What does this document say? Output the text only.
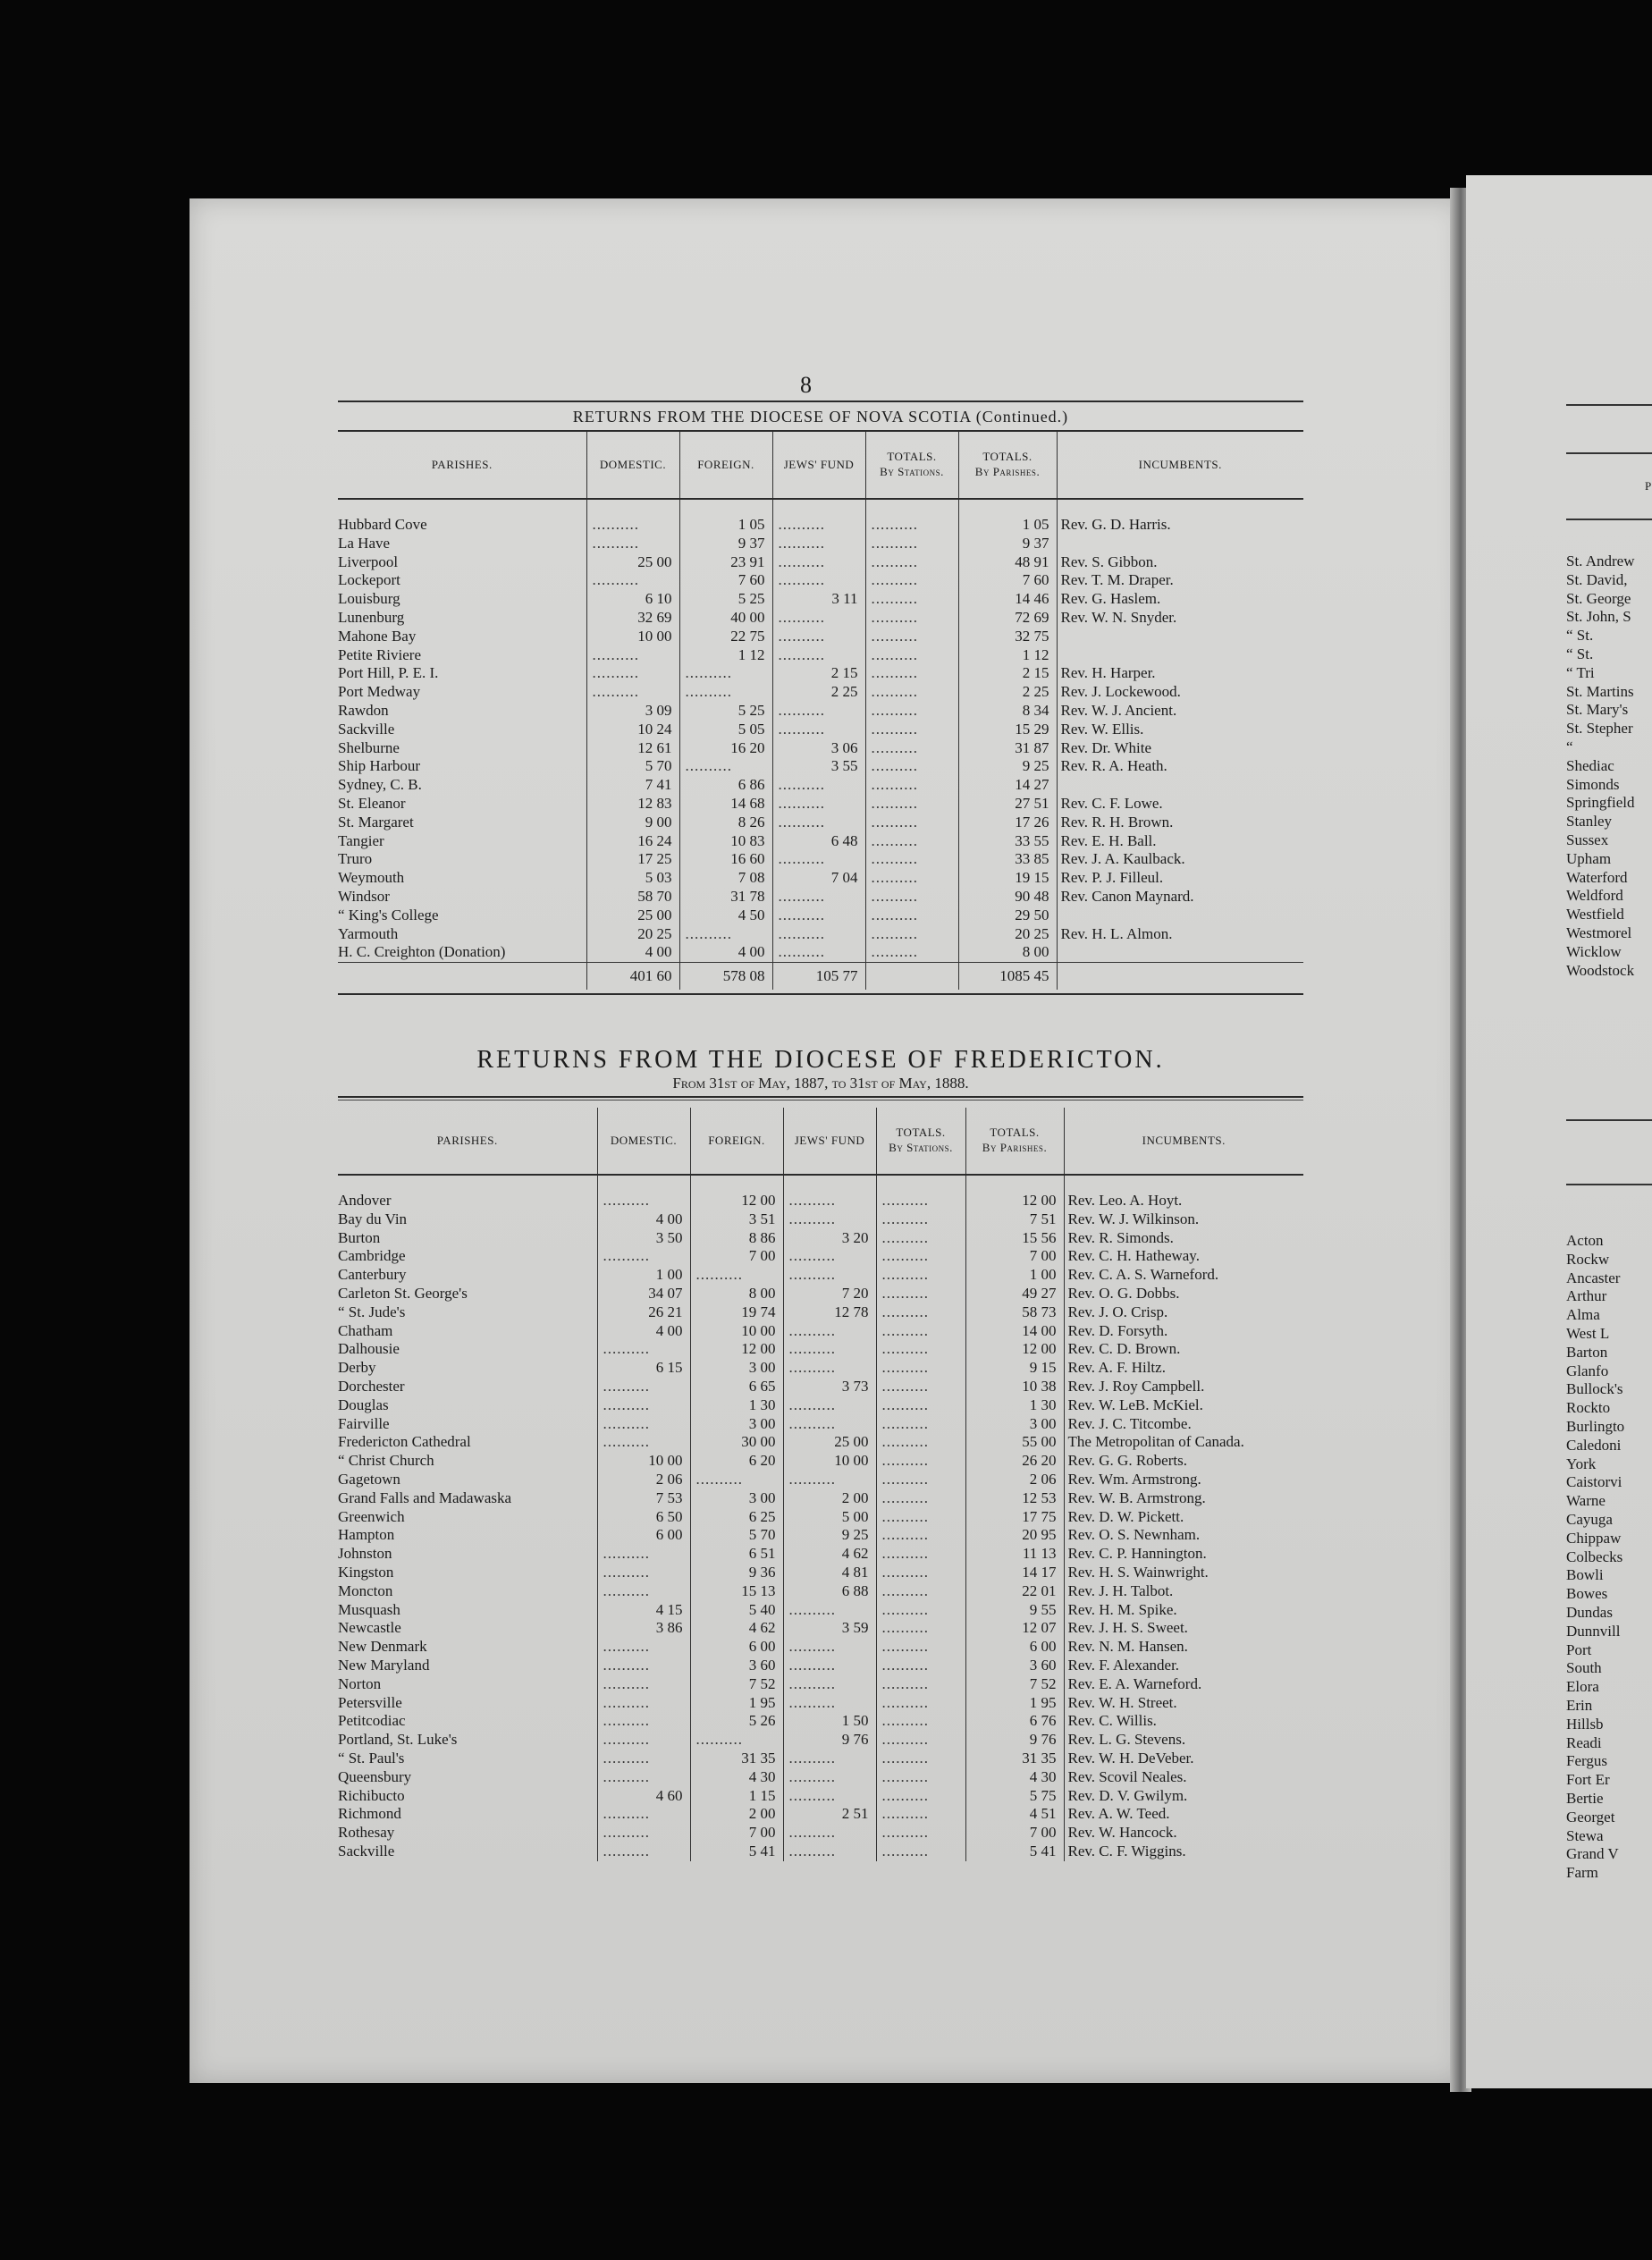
8
RETURNS FROM THE DIOCESE OF NOVA SCOTIA (Continued.)
PARISHES.	DOMESTIC.	FOREIGN.	JEWS' FUND	TOTALS.
By Stations.	TOTALS.
By Parishes.	INCUMBENTS.

Hubbard Cove	..........	1 05	..........	..........	1 05	Rev. G. D. Harris.
La Have	..........	9 37	..........	..........	9 37	
Liverpool	25 00	23 91	..........	..........	48 91	Rev. S. Gibbon.
Lockeport	..........	7 60	..........	..........	7 60	Rev. T. M. Draper.
Louisburg	6 10	5 25	3 11	..........	14 46	Rev. G. Haslem.
Lunenburg	32 69	40 00	..........	..........	72 69	Rev. W. N. Snyder.
Mahone Bay	10 00	22 75	..........	..........	32 75	
Petite Riviere	..........	1 12	..........	..........	1 12	
Port Hill, P. E. I.	..........	..........	2 15	..........	2 15	Rev. H. Harper.
Port Medway	..........	..........	2 25	..........	2 25	Rev. J. Lockewood.
Rawdon	3 09	5 25	..........	..........	8 34	Rev. W. J. Ancient.
Sackville	10 24	5 05	..........	..........	15 29	Rev. W. Ellis.
Shelburne	12 61	16 20	3 06	..........	31 87	Rev. Dr. White
Ship Harbour	5 70	..........	3 55	..........	9 25	Rev. R. A. Heath.
Sydney, C. B.	7 41	6 86	..........	..........	14 27	
St. Eleanor	12 83	14 68	..........	..........	27 51	Rev. C. F. Lowe.
St. Margaret	9 00	8 26	..........	..........	17 26	Rev. R. H. Brown.
Tangier	16 24	10 83	6 48	..........	33 55	Rev. E. H. Ball.
Truro	17 25	16 60	..........	..........	33 85	Rev. J. A. Kaulback.
Weymouth	5 03	7 08	7 04	..........	19 15	Rev. P. J. Filleul.
Windsor	58 70	31 78	..........	..........	90 48	Rev. Canon Maynard.
“ King's College	25 00	4 50	..........	..........	29 50	
Yarmouth	20 25	..........	..........	..........	20 25	Rev. H. L. Almon.
H. C. Creighton (Donation)	4 00	4 00	..........	..........	8 00	
	401 60	578 08	105 77		1085 45	
RETURNS FROM THE DIOCESE OF FREDERICTON.
From 31st of May, 1887, to 31st of May, 1888.
PARISHES.	DOMESTIC.	FOREIGN.	JEWS' FUND	TOTALS.
By Stations.	TOTALS.
By Parishes.	INCUMBENTS.

Andover	..........	12 00	..........	..........	12 00	Rev. Leo. A. Hoyt.
Bay du Vin	4 00	3 51	..........	..........	7 51	Rev. W. J. Wilkinson.
Burton	3 50	8 86	3 20	..........	15 56	Rev. R. Simonds.
Cambridge	..........	7 00	..........	..........	7 00	Rev. C. H. Hatheway.
Canterbury	1 00	..........	..........	..........	1 00	Rev. C. A. S. Warneford.
Carleton St. George's	34 07	8 00	7 20	..........	49 27	Rev. O. G. Dobbs.
“ St. Jude's	26 21	19 74	12 78	..........	58 73	Rev. J. O. Crisp.
Chatham	4 00	10 00	..........	..........	14 00	Rev. D. Forsyth.
Dalhousie	..........	12 00	..........	..........	12 00	Rev. C. D. Brown.
Derby	6 15	3 00	..........	..........	9 15	Rev. A. F. Hiltz.
Dorchester	..........	6 65	3 73	..........	10 38	Rev. J. Roy Campbell.
Douglas	..........	1 30	..........	..........	1 30	Rev. W. LeB. McKiel.
Fairville	..........	3 00	..........	..........	3 00	Rev. J. C. Titcombe.
Fredericton Cathedral	..........	30 00	25 00	..........	55 00	The Metropolitan of Canada.
“ Christ Church	10 00	6 20	10 00	..........	26 20	Rev. G. G. Roberts.
Gagetown	2 06	..........	..........	..........	2 06	Rev. Wm. Armstrong.
Grand Falls and Madawaska	7 53	3 00	2 00	..........	12 53	Rev. W. B. Armstrong.
Greenwich	6 50	6 25	5 00	..........	17 75	Rev. D. W. Pickett.
Hampton	6 00	5 70	9 25	..........	20 95	Rev. O. S. Newnham.
Johnston	..........	6 51	4 62	..........	11 13	Rev. C. P. Hannington.
Kingston	..........	9 36	4 81	..........	14 17	Rev. H. S. Wainwright.
Moncton	..........	15 13	6 88	..........	22 01	Rev. J. H. Talbot.
Musquash	4 15	5 40	..........	..........	9 55	Rev. H. M. Spike.
Newcastle	3 86	4 62	3 59	..........	12 07	Rev. J. H. S. Sweet.
New Denmark	..........	6 00	..........	..........	6 00	Rev. N. M. Hansen.
New Maryland	..........	3 60	..........	..........	3 60	Rev. F. Alexander.
Norton	..........	7 52	..........	..........	7 52	Rev. E. A. Warneford.
Petersville	..........	1 95	..........	..........	1 95	Rev. W. H. Street.
Petitcodiac	..........	5 26	1 50	..........	6 76	Rev. C. Willis.
Portland, St. Luke's	..........	..........	9 76	..........	9 76	Rev. L. G. Stevens.
“ St. Paul's	..........	31 35	..........	..........	31 35	Rev. W. H. DeVeber.
Queensbury	..........	4 30	..........	..........	4 30	Rev. Scovil Neales.
Richibucto	4 60	1 15	..........	..........	5 75	Rev. D. V. Gwilym.
Richmond	..........	2 00	2 51	..........	4 51	Rev. A. W. Teed.
Rothesay	..........	7 00	..........	..........	7 00	Rev. W. Hancock.
Sackville	..........	5 41	..........	..........	5 41	Rev. C. F. Wiggins.
P
St. Andrew
St. David,
St. George
St. John, S
“ St.
“ St.
“ Tri
St. Martins
St. Mary's
St. Stepher
“
Shediac
Simonds
Springfield
Stanley
Sussex
Upham
Waterford
Weldford
Westfield
Westmorel
Wicklow
Woodstock
Acton
Rockw
Ancaster
Arthur
Alma
West L
Barton
Glanfo
Bullock's
Rockto
Burlingto
Caledoni
York
Caistorvi
Warne
Cayuga
Chippaw
Colbecks
Bowli
Bowes
Dundas
Dunnvill
Port
South
Elora
Erin
Hillsb
Readi
Fergus
Fort Er
Bertie
Georget
Stewa
Grand V
Farm
